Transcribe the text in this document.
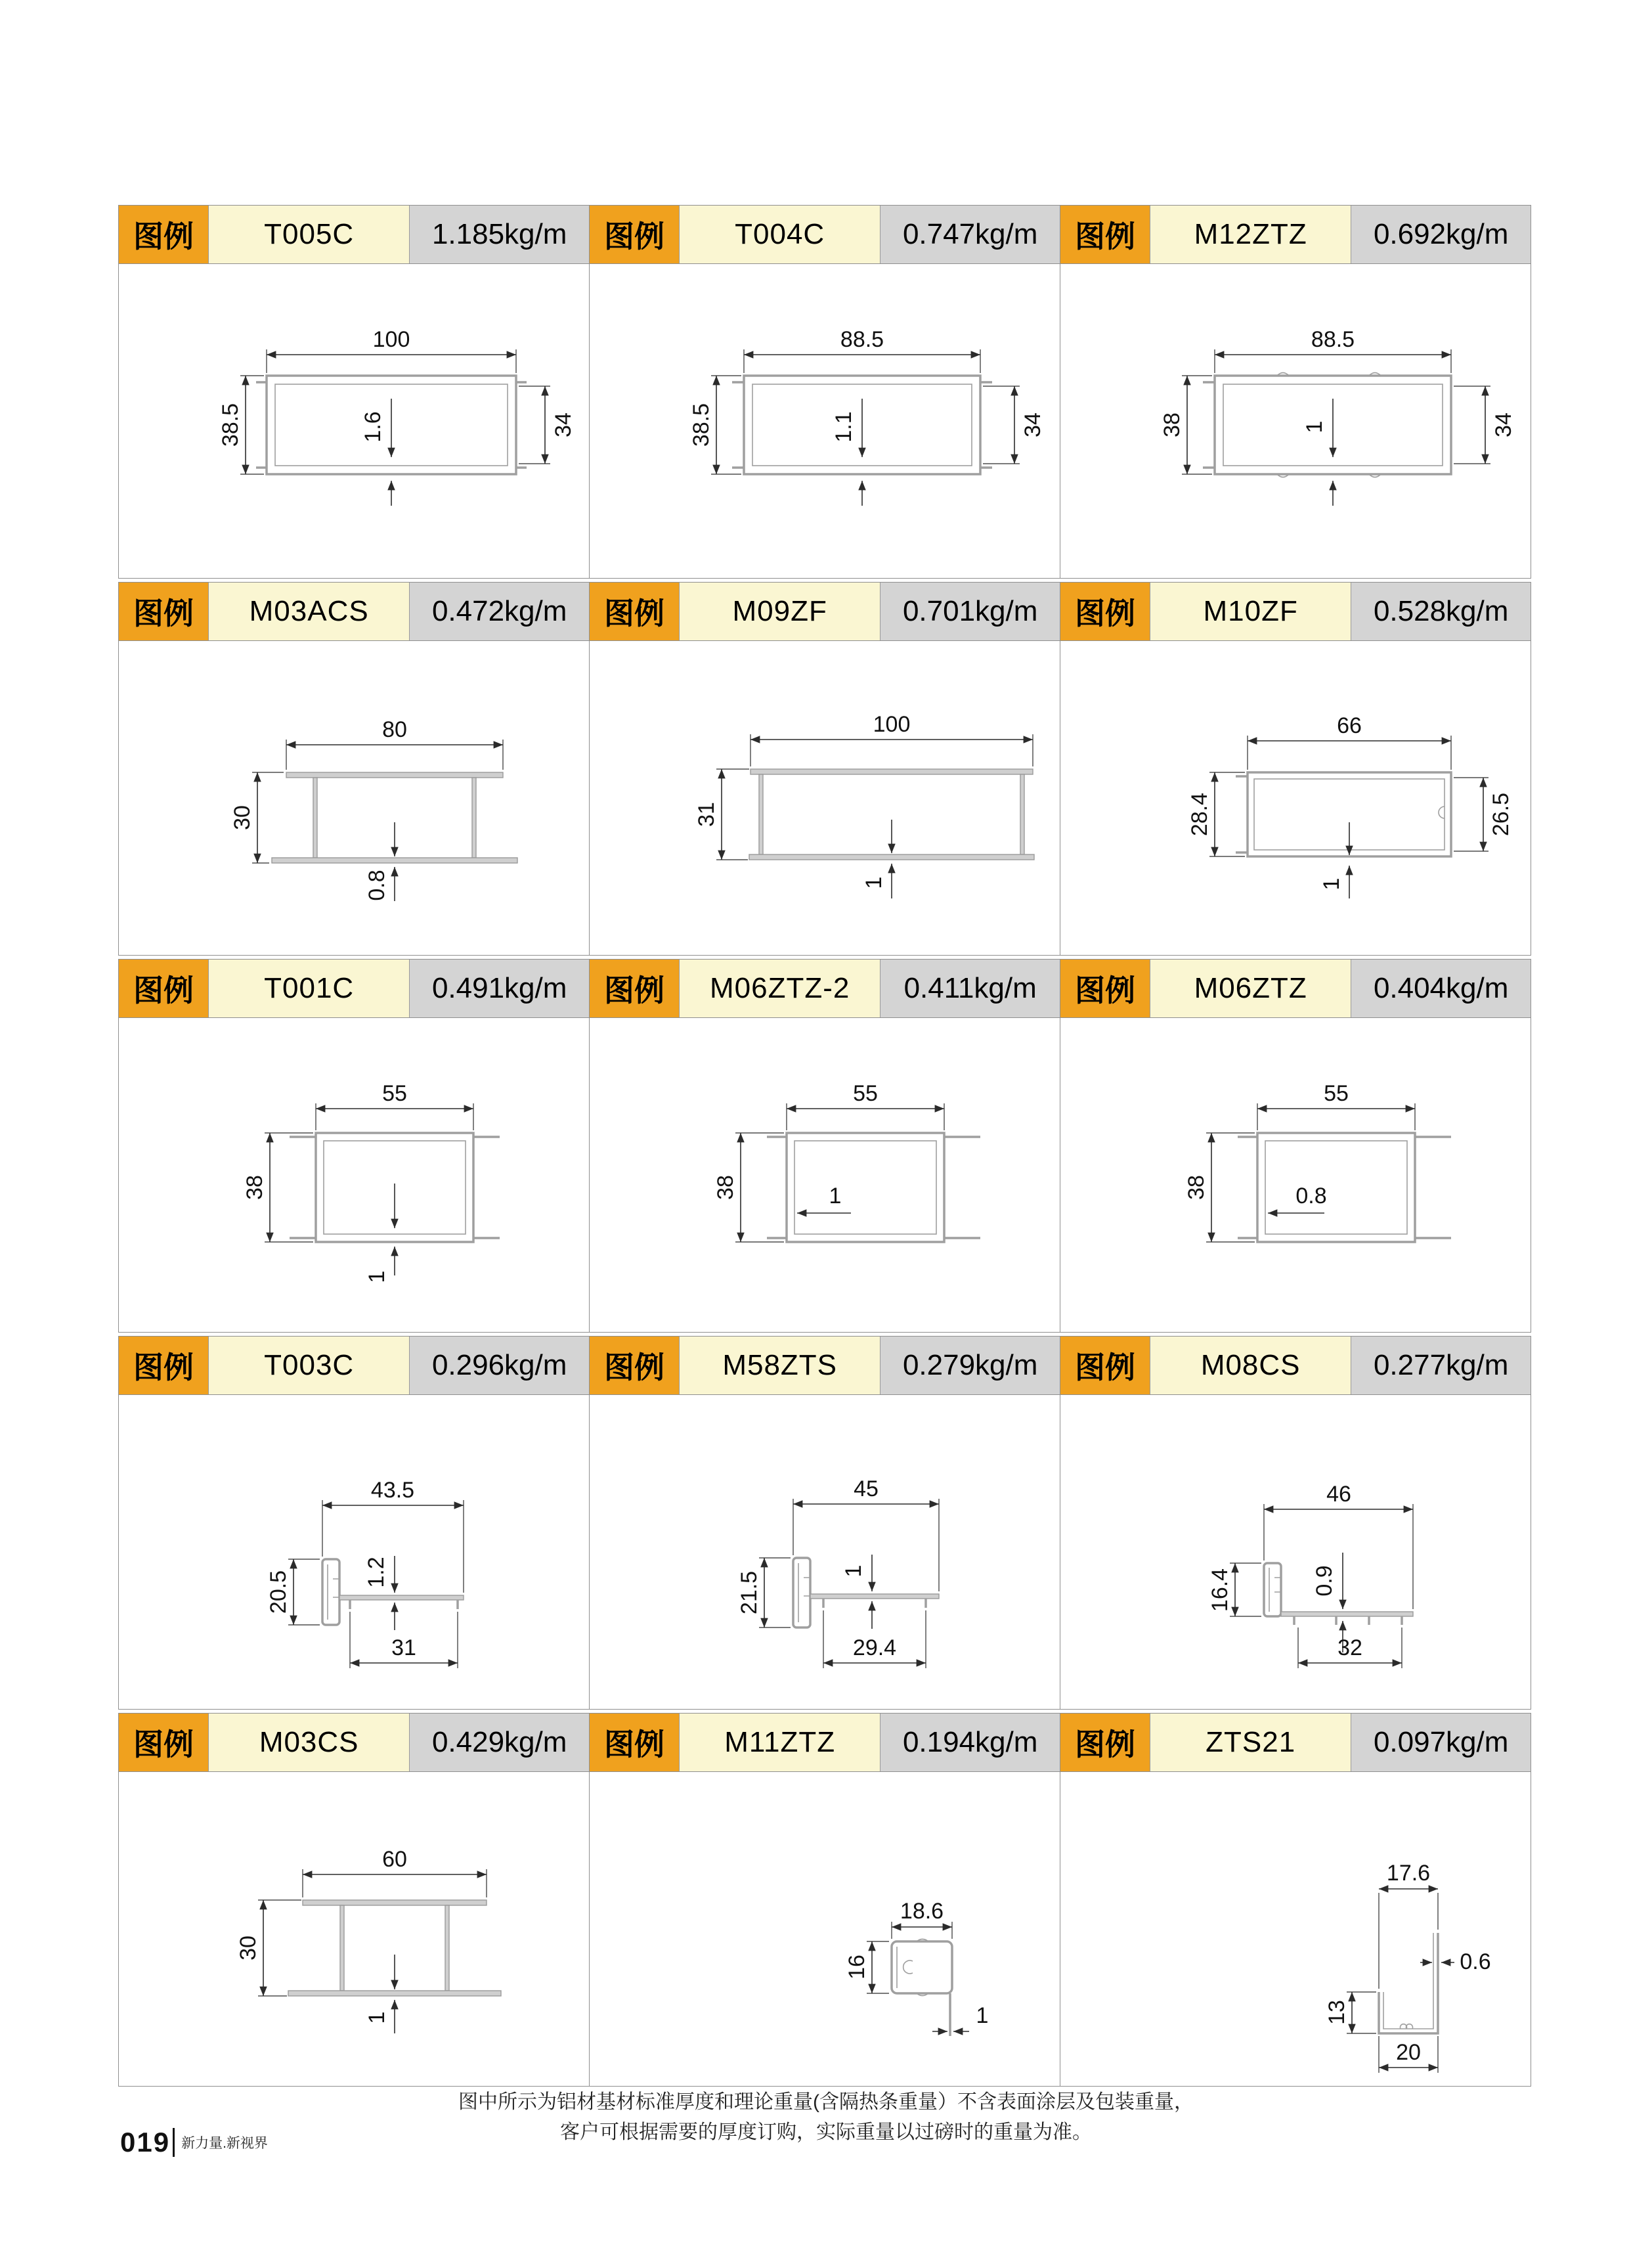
图例	T005C	1.185kg/m
100
38.5	34
1.6
图例	T004C	0.747kg/m
88.5
38.5	34
1.1
图例	M12ZTZ	0.692kg/m
88.5
38	34
1
图例	M03ACS	0.472kg/m
80
30
0.8
图例	M09ZF	0.701kg/m
100
31
1
图例	M10ZF	0.528kg/m
66
28.4	26.5
1
图例	T001C	0.491kg/m
55
38
1
图例	M06ZTZ-2	0.411kg/m
55
38	1
图例	M06ZTZ	0.404kg/m
55
38	0.8
图例	T003C	0.296kg/m
43.5
20.5	1.2
31
图例	M58ZTS	0.279kg/m
45
21.5	1
29.4
图例	M08CS	0.277kg/m
46
16.4	0.9
32
图例	M03CS	0.429kg/m
60
30
1
图例	M11ZTZ	0.194kg/m
18.6
16
1
图例	ZTS21	0.097kg/m
17.6
0.6
13
20
图中所示为铝材基材标准厚度和理论重量(含隔热条重量）不含表面涂层及包装重量，
客户可根据需要的厚度订购，实际重量以过磅时的重量为准。
019 新力量.新视界
